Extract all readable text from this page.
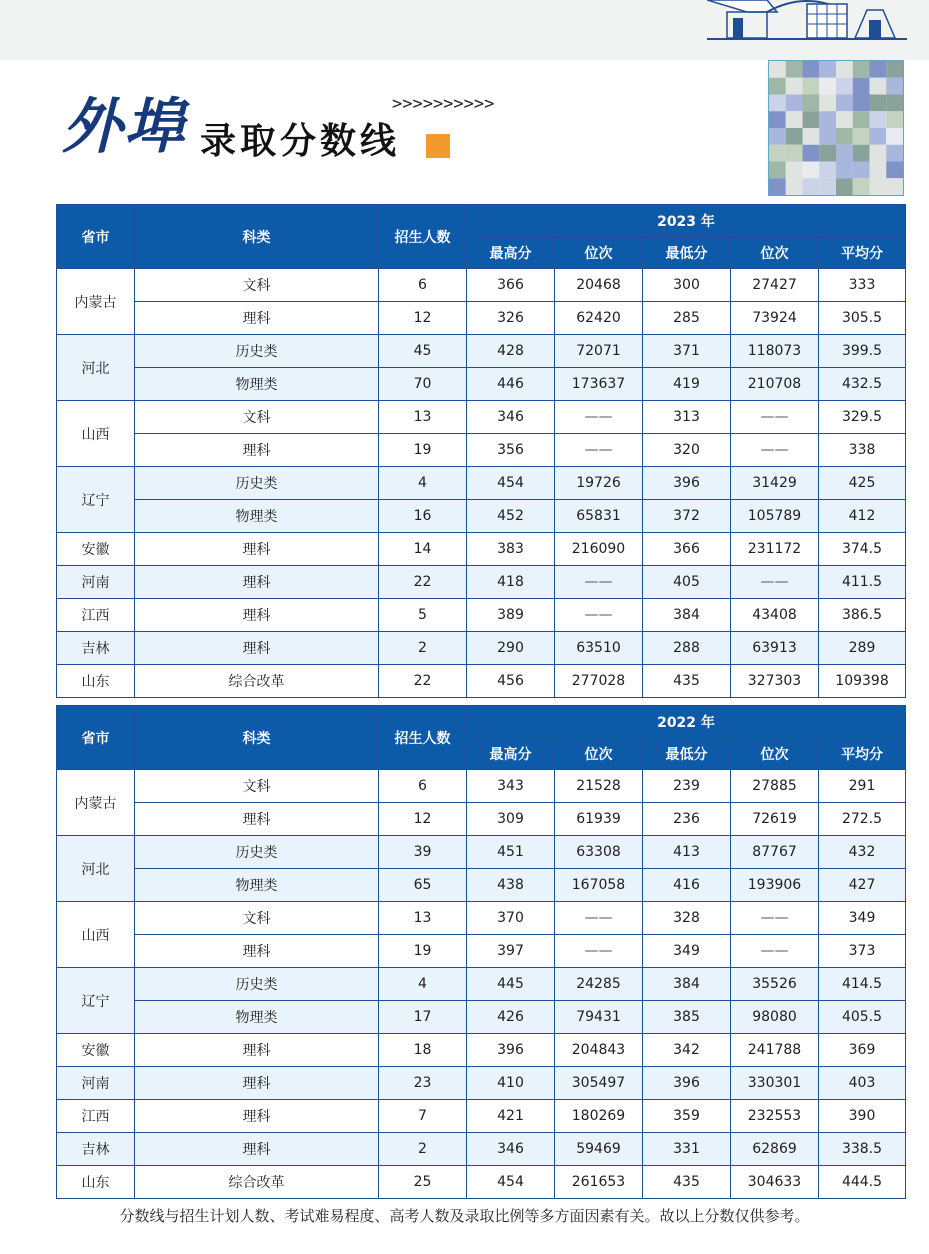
外埠 录取分数线
>>>>>>>>>>
省市	科类	招生人数	2023 年				
			最高分	位次	最低分	位次	平均分
内蒙古	文科	6	366	20468	300	27427	333
	理科	12	326	62420	285	73924	305.5
河北	历史类	45	428	72071	371	118073	399.5
	物理类	70	446	173637	419	210708	432.5
山西	文科	13	346	——	313	——	329.5
	理科	19	356	——	320	——	338
辽宁	历史类	4	454	19726	396	31429	425
	物理类	16	452	65831	372	105789	412
安徽	理科	14	383	216090	366	231172	374.5
河南	理科	22	418	——	405	——	411.5
江西	理科	5	389	——	384	43408	386.5
吉林	理科	2	290	63510	288	63913	289
山东	综合改革	22	456	277028	435	327303	109398
省市	科类	招生人数	2022 年				
			最高分	位次	最低分	位次	平均分
内蒙古	文科	6	343	21528	239	27885	291
	理科	12	309	61939	236	72619	272.5
河北	历史类	39	451	63308	413	87767	432
	物理类	65	438	167058	416	193906	427
山西	文科	13	370	——	328	——	349
	理科	19	397	——	349	——	373
辽宁	历史类	4	445	24285	384	35526	414.5
	物理类	17	426	79431	385	98080	405.5
安徽	理科	18	396	204843	342	241788	369
河南	理科	23	410	305497	396	330301	403
江西	理科	7	421	180269	359	232553	390
吉林	理科	2	346	59469	331	62869	338.5
山东	综合改革	25	454	261653	435	304633	444.5
分数线与招生计划人数、考试难易程度、高考人数及录取比例等多方面因素有关。故以上分数仅供参考。
